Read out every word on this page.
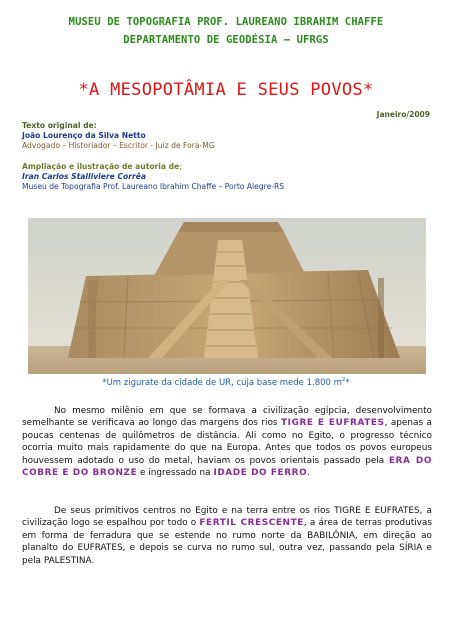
MUSEU DE TOPOGRAFIA PROF. LAUREANO IBRAHIM CHAFFE
DEPARTAMENTO DE GEODÉSIA – UFRGS
*A MESOPOTÂMIA E SEUS POVOS*
Janeiro/2009
Texto original de:
João Lourenço da Silva Netto
Advogado – Historiador – Escritor - Juiz de Fora-MG
Ampliação e ilustração de autoria de;
Iran Carlos Stalliviere Corrêa
Museu de Topografia Prof. Laureano Ibrahim Chaffe – Porto Alegre-RS
*Um zigurate da cidade de UR, cuja base mede 1.800 $m^2*$
No mesmo milênio em que se formava a civilização egípcia, desenvolvimento semelhante se verificava ao longo das margens dos rios TIGRE E EUFRATES, apenas a poucas centenas de quilômetros de distância. Ali como no Egito, o progresso técnico ocorria muito mais rapidamente do que na Europa. Antes que todos os povos europeus houvessem adotado o uso do metal, haviam os povos orientais passado pela ERA DO COBRE E DO BRONZE e ingressado na IDADE DO FERRO.
De seus primitivos centros no Egito e na terra entre os rios TIGRE E EUFRATES, a civilização logo se espalhou por todo o FERTIL CRESCENTE, a área de terras produtivas em forma de ferradura que se estende no rumo norte da BABILÔNIA, em direção ao planalto do EUFRATES, e depois se curva no rumo sul, outra vez, passando pela SÍRIA e pela PALESTINA.
